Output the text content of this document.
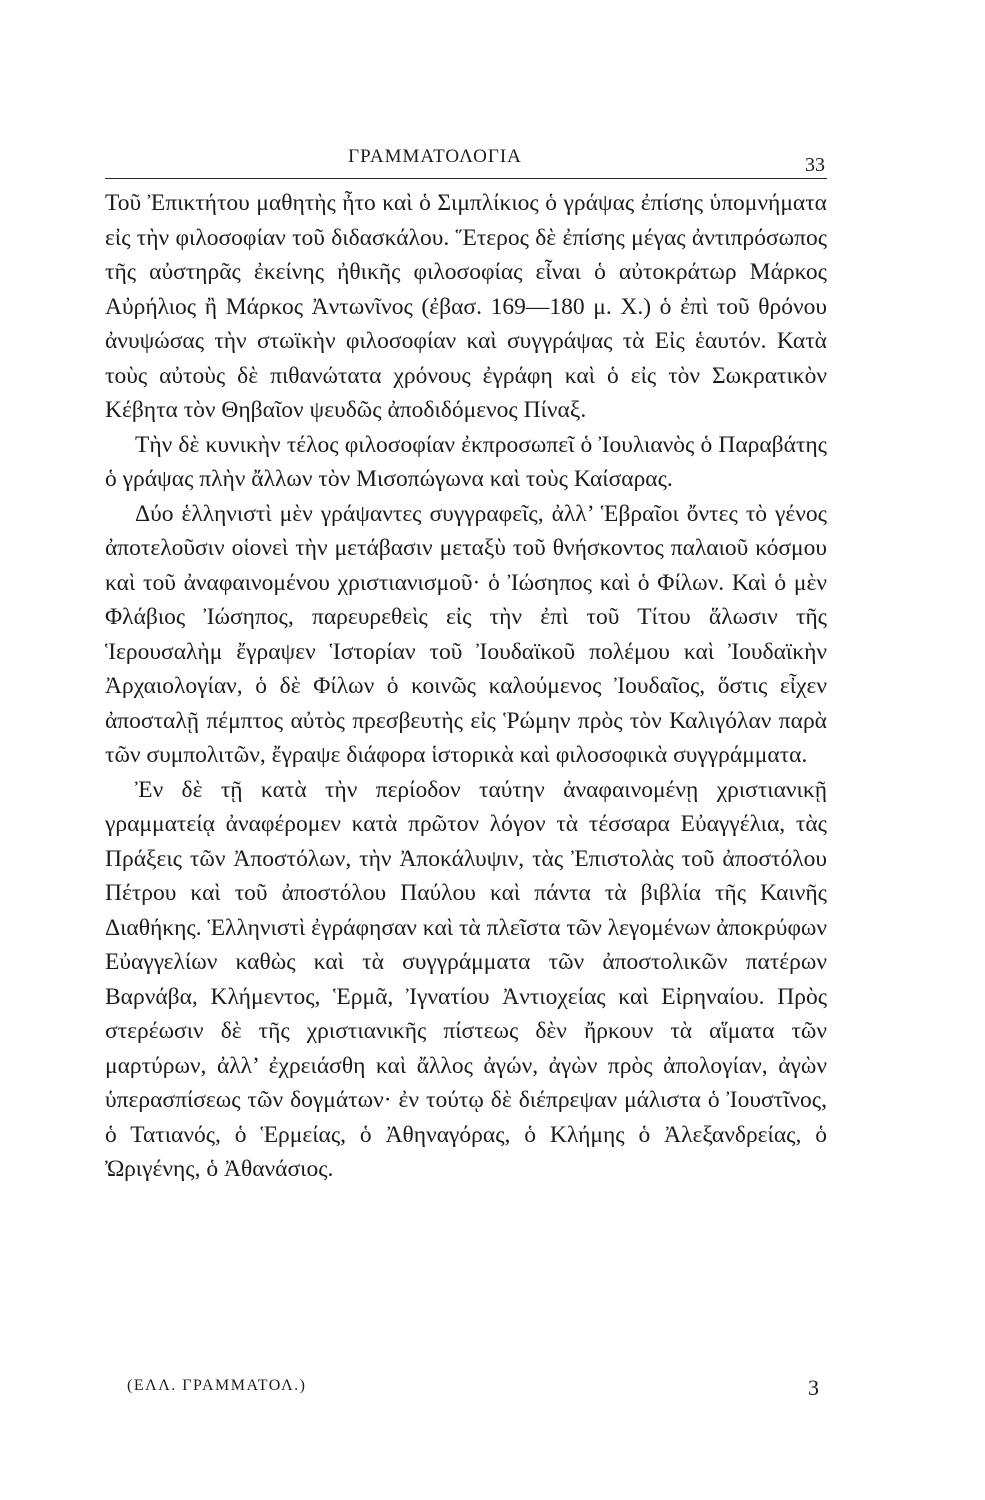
ΓΡΑΜΜΑΤΟΛΟΓΙΑ	33

Τοῦ Ἐπικτήτου μαθητὴς ἦτο καὶ ὁ Σιμπλίκιος ὁ γράψας ἐπίσης ὑπομνήματα εἰς τὴν φιλοσοφίαν τοῦ διδασκάλου. Ἕτερος δὲ ἐπίσης μέγας ἀντιπρόσωπος τῆς αὐστηρᾶς ἐκείνης ἠθικῆς φιλοσοφίας εἶναι ὁ αὐτοκράτωρ Μάρκος Αὐρήλιος ἢ Μάρκος Ἀντωνῖνος (ἐβασ. 169—180 μ. Χ.) ὁ ἐπὶ τοῦ θρόνου ἀνυψώσας τὴν στωϊκὴν φιλοσοφίαν καὶ συγγράψας τὰ Εἰς ἑαυτόν. Κατὰ τοὺς αὐτοὺς δὲ πιθανώτατα χρόνους ἐγράφη καὶ ὁ εἰς τὸν Σωκρατικὸν Κέβητα τὸν Θηβαῖον ψευδῶς ἀποδιδόμενος Πίναξ.

Τὴν δὲ κυνικὴν τέλος φιλοσοφίαν ἐκπροσωπεῖ ὁ Ἰουλιανὸς ὁ Παραβάτης ὁ γράψας πλὴν ἄλλων τὸν Μισοπώγωνα καὶ τοὺς Καίσαρας.

Δύο ἑλληνιστὶ μὲν γράψαντες συγγραφεῖς, ἀλλ’ Ἑβραῖοι ὄντες τὸ γένος ἀποτελοῦσιν οἱονεὶ τὴν μετάβασιν μεταξὺ τοῦ θνήσκοντος παλαιοῦ κόσμου καὶ τοῦ ἀναφαινομένου χριστιανισμοῦ· ὁ Ἰώσηπος καὶ ὁ Φίλων. Καὶ ὁ μὲν Φλάβιος Ἰώσηπος, παρευρεθεὶς εἰς τὴν ἐπὶ τοῦ Τίτου ἅλωσιν τῆς Ἱερουσαλὴμ ἔγραψεν Ἱστορίαν τοῦ Ἰουδαϊκοῦ πολέμου καὶ Ἰουδαϊκὴν Ἀρχαιολογίαν, ὁ δὲ Φίλων ὁ κοινῶς καλούμενος Ἰουδαῖος, ὅστις εἶχεν ἀποσταλῇ πέμπτος αὐτὸς πρεσβευτὴς εἰς Ῥώμην πρὸς τὸν Καλιγόλαν παρὰ τῶν συμπολιτῶν, ἔγραψε διάφορα ἱστορικὰ καὶ φιλοσοφικὰ συγγράμματα.

Ἐν δὲ τῇ κατὰ τὴν περίοδον ταύτην ἀναφαινομένῃ χριστιανικῇ γραμματείᾳ ἀναφέρομεν κατὰ πρῶτον λόγον τὰ τέσσαρα Εὐαγγέλια, τὰς Πράξεις τῶν Ἀποστόλων, τὴν Ἀποκάλυψιν, τὰς Ἐπιστολὰς τοῦ ἀποστόλου Πέτρου καὶ τοῦ ἀποστόλου Παύλου καὶ πάντα τὰ βιβλία τῆς Καινῆς Διαθήκης. Ἑλληνιστὶ ἐγράφησαν καὶ τὰ πλεῖστα τῶν λεγομένων ἀποκρύφων Εὐαγγελίων καθὼς καὶ τὰ συγγράμματα τῶν ἀποστολικῶν πατέρων Βαρνάβα, Κλήμεντος, Ἑρμᾶ, Ἰγνατίου Ἀντιοχείας καὶ Εἰρηναίου. Πρὸς στερέωσιν δὲ τῆς χριστιανικῆς πίστεως δὲν ἤρκουν τὰ αἵματα τῶν μαρτύρων, ἀλλ’ ἐχρειάσθη καὶ ἄλλος ἀγών, ἀγὼν πρὸς ἀπολογίαν, ἀγὼν ὑπερασπίσεως τῶν δογμάτων· ἐν τούτῳ δὲ διέπρεψαν μάλιστα ὁ Ἰουστῖνος, ὁ Τατιανός, ὁ Ἑρμείας, ὁ Ἀθηναγόρας, ὁ Κλήμης ὁ Ἀλεξανδρείας, ὁ Ὠριγένης, ὁ Ἀθανάσιος.

(ΕΛΛ. ΓΡΑΜΜΑΤΟΛ.)	3
